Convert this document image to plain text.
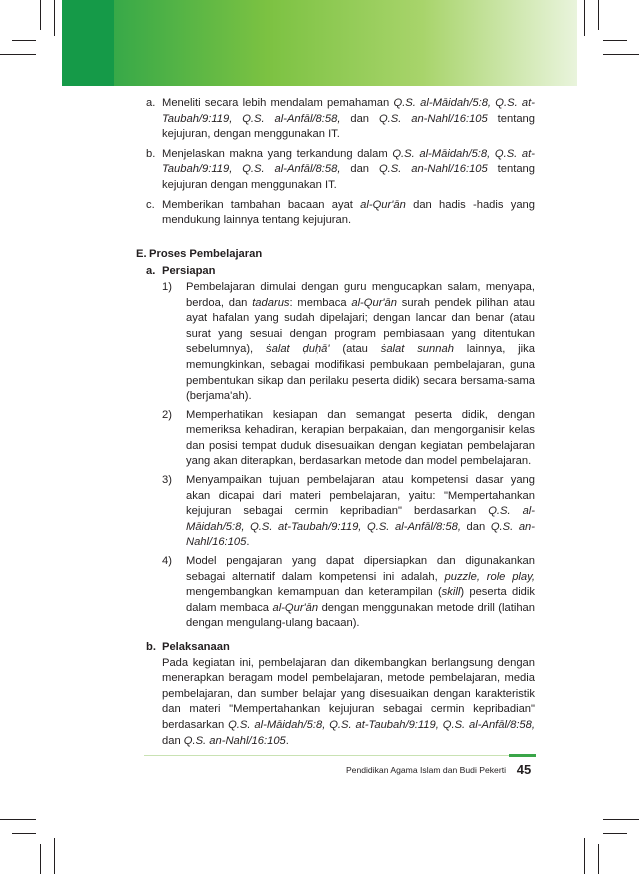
a. Meneliti secara lebih mendalam pemahaman Q.S. al-Māidah/5:8, Q.S. at-Taubah/9:119, Q.S. al-Anfāl/8:58, dan Q.S. an-Nahl/16:105 tentang kejujuran, dengan menggunakan IT.
b. Menjelaskan makna yang terkandung dalam Q.S. al-Māidah/5:8, Q.S. at-Taubah/9:119, Q.S. al-Anfāl/8:58, dan Q.S. an-Nahl/16:105 tentang kejujuran dengan menggunakan IT.
c. Memberikan tambahan bacaan ayat al-Qur'ān dan hadis -hadis yang mendukung lainnya tentang kejujuran.
E. Proses Pembelajaran
a. Persiapan
1)	Pembelajaran dimulai dengan guru mengucapkan salam, menyapa, berdoa, dan tadarus: membaca al-Qur'ān surah pendek pilihan atau ayat hafalan yang sudah dipelajari; dengan lancar dan benar (atau surat yang sesuai dengan program pembiasaan yang ditentukan sebelumnya), ṡalat ḍuḥā' (atau ṡalat sunnah lainnya, jika memungkinkan, sebagai modifikasi pembukaan pembelajaran, guna pembentukan sikap dan perilaku peserta didik) secara bersama-sama (berjama'ah).
2)	Memperhatikan kesiapan dan semangat peserta didik, dengan memeriksa kehadiran, kerapian berpakaian, dan mengorganisir kelas dan posisi tempat duduk disesuaikan dengan kegiatan pembelajaran yang akan diterapkan, berdasarkan metode dan model pembelajaran.
3)	Menyampaikan tujuan pembelajaran atau kompetensi dasar yang akan dicapai dari materi pembelajaran, yaitu: "Mempertahankan kejujuran sebagai cermin kepribadian" berdasarkan Q.S. al-Māidah/5:8, Q.S. at-Taubah/9:119, Q.S. al-Anfāl/8:58, dan Q.S. an-Nahl/16:105.
4)	Model pengajaran yang dapat dipersiapkan dan digunakankan sebagai alternatif dalam kompetensi ini adalah, puzzle, role play, mengembangkan kemampuan dan keterampilan (skill) peserta didik dalam membaca al-Qur'ān dengan menggunakan metode drill (latihan dengan mengulang-ulang bacaan).
b. Pelaksanaan
Pada kegiatan ini, pembelajaran dan dikembangkan berlangsung dengan menerapkan beragam model pembelajaran, metode pembelajaran, media pembelajaran, dan sumber belajar yang disesuaikan dengan karakteristik dan materi "Mempertahankan kejujuran sebagai cermin kepribadian" berdasarkan Q.S. al-Māidah/5:8, Q.S. at-Taubah/9:119, Q.S. al-Anfāl/8:58, dan Q.S. an-Nahl/16:105.
Pendidikan Agama Islam dan Budi Pekerti 45
